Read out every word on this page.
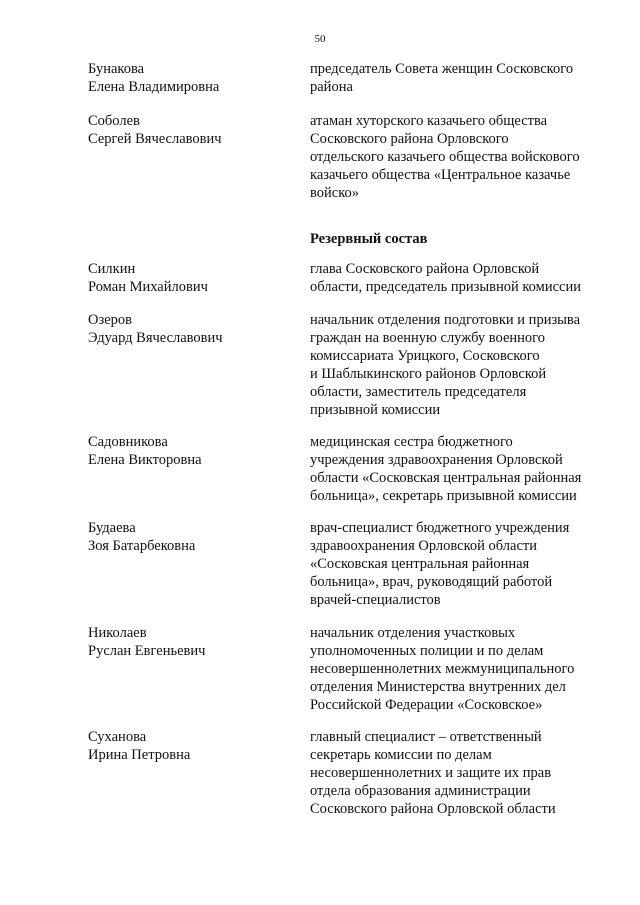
50
Бунакова
Елена Владимировна
председатель Совета женщин Сосковского
района
Соболев
Сергей Вячеславович
атаман хуторского казачьего общества
Сосковского района Орловского
отдельского казачьего общества войскового
казачьего общества «Центральное казачье
войско»
Резервный состав
Силкин
Роман Михайлович
глава Сосковского района Орловской
области, председатель призывной комиссии
Озеров
Эдуард Вячеславович
начальник отделения подготовки и призыва
граждан на военную службу военного
комиссариата Урицкого, Сосковского
и Шаблыкинского районов Орловской
области, заместитель председателя
призывной комиссии
Садовникова
Елена Викторовна
медицинская сестра бюджетного
учреждения здравоохранения Орловской
области «Сосковская центральная районная
больница», секретарь призывной комиссии
Будаева
Зоя Батарбековна
врач-специалист бюджетного учреждения
здравоохранения Орловской области
«Сосковская центральная районная
больница», врач, руководящий работой
врачей-специалистов
Николаев
Руслан Евгеньевич
начальник отделения участковых
уполномоченных полиции и по делам
несовершеннолетних межмуниципального
отделения Министерства внутренних дел
Российской Федерации «Сосковское»
Суханова
Ирина Петровна
главный специалист – ответственный
секретарь комиссии по делам
несовершеннолетних и защите их прав
отдела образования администрации
Сосковского района Орловской области
